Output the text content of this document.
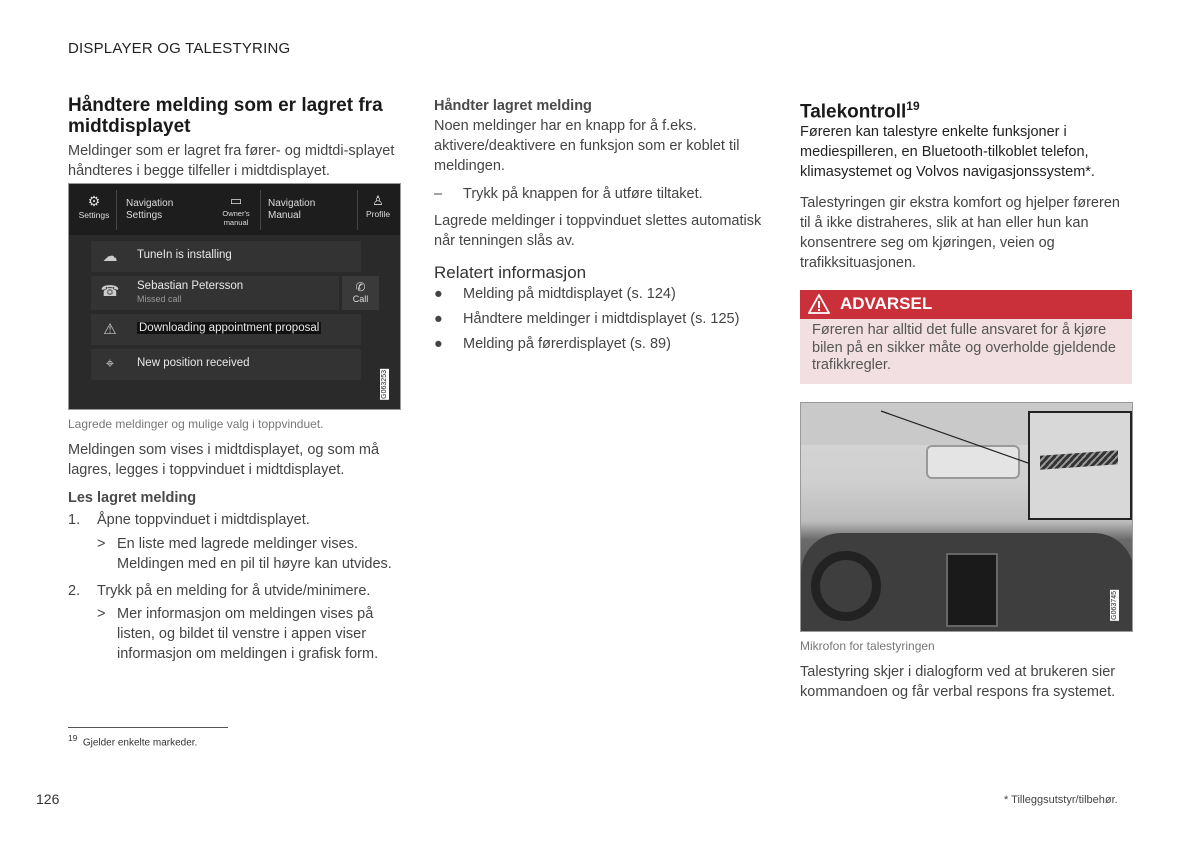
DISPLAYER OG TALESTYRING
Håndtere melding som er lagret fra midtdisplayet
Meldinger som er lagret fra fører- og midtdi-splayet håndteres i begge tilfeller i midtdisplayet.
⚙
Settings
Navigation Settings
▭
Owner's manual
Navigation Manual
♙
Profile
☁	TuneIn is installing
☎ Sebastian Petersson
Missed call
✆
Call
⚠	Downloading appointment proposal
⌖	New position received
G063253
Lagrede meldinger og mulige valg i toppvinduet.
Meldingen som vises i midtdisplayet, og som må lagres, legges i toppvinduet i midtdisplayet.
Les lagret melding
1. Åpne toppvinduet i midtdisplayet.
> En liste med lagrede meldinger vises. Meldingen med en pil til høyre kan utvides.
2. Trykk på en melding for å utvide/minimere.
> Mer informasjon om meldingen vises på listen, og bildet til venstre i appen viser informasjon om meldingen i grafisk form.
Håndter lagret melding
Noen meldinger har en knapp for å f.eks. aktivere/deaktivere en funksjon som er koblet til meldingen.
– Trykk på knappen for å utføre tiltaket.
Lagrede meldinger i toppvinduet slettes automatisk når tenningen slås av.
Relatert informasjon
● Melding på midtdisplayet (s. 124)
● Håndtere meldinger i midtdisplayet (s. 125)
● Melding på førerdisplayet (s. 89)
Talekontroll$^{19}$
Føreren kan talestyre enkelte funksjoner i mediespilleren, en Bluetooth-tilkoblet telefon, klimasystemet og Volvos navigasjonssystem*.
Talestyringen gir ekstra komfort og hjelper føreren til å ikke distraheres, slik at han eller hun kan konsentrere seg om kjøringen, veien og trafikksituasjonen.
ADVARSEL
Føreren har alltid det fulle ansvaret for å kjøre bilen på en sikker måte og overholde gjeldende trafikkregler.
G063745
Mikrofon for talestyringen
Talestyring skjer i dialogform ved at brukeren sier kommandoen og får verbal respons fra systemet.
$^{19}$ Gjelder enkelte markeder.
126	* Tilleggsutstyr/tilbehør.
